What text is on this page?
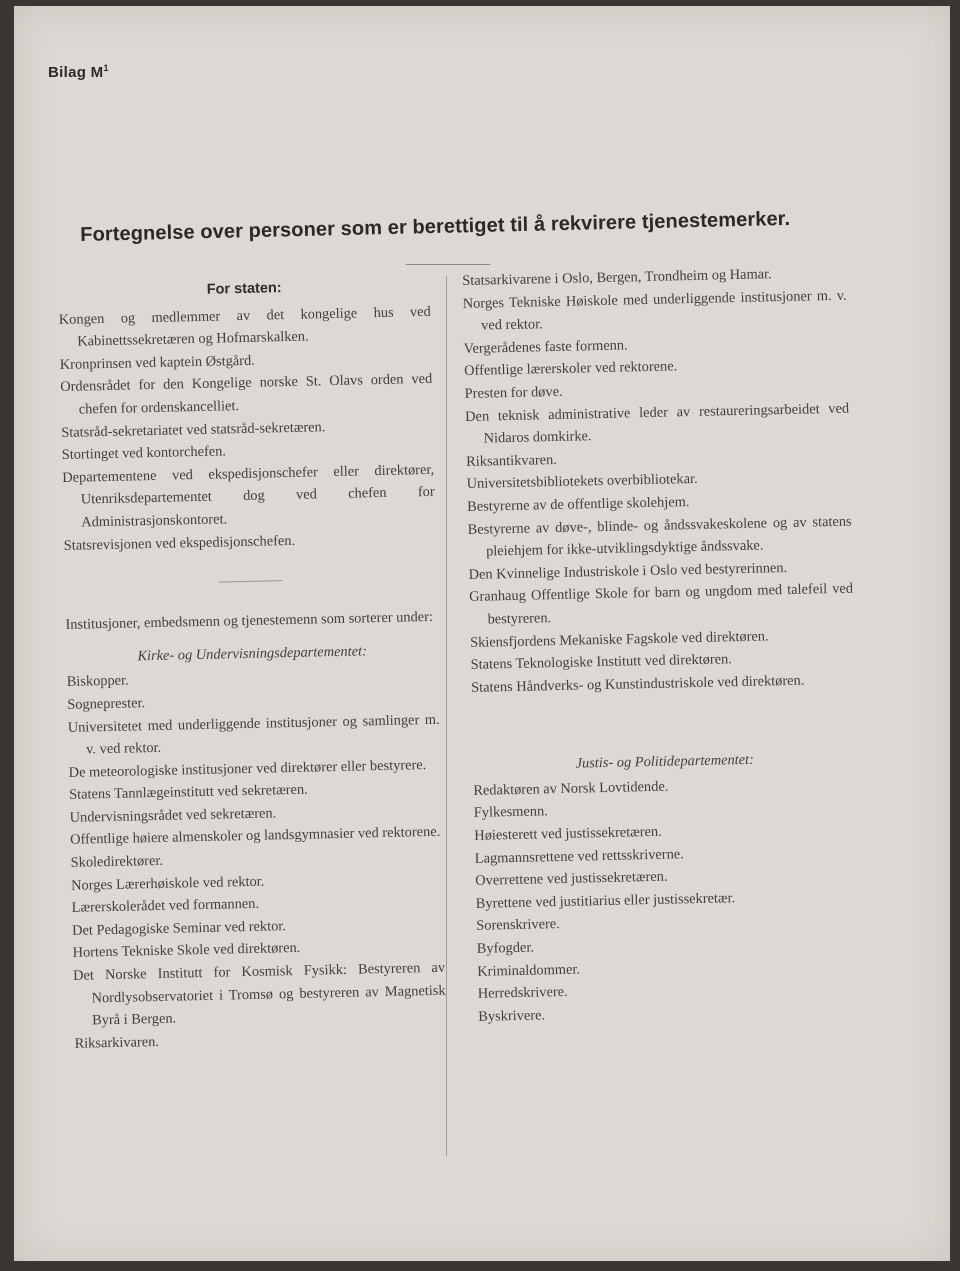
Bilag $M^1$
Fortegnelse over personer som er berettiget til å rekvirere tjenestemerker.
For staten:
Kongen og medlemmer av det kongelige hus ved Kabinettssekretæren og Hofmarskalken.
Kronprinsen ved kaptein Østgård.
Ordensrådet for den Kongelige norske St. Olavs orden ved chefen for ordenskancelliet.
Statsråd-sekretariatet ved statsråd-sekretæren.
Stortinget ved kontorchefen.
Departementene ved ekspedisjonschefer eller direktører, Utenriksdepartementet dog ved chefen for Administrasjonskontoret.
Statsrevisjonen ved ekspedisjonschefen.
Institusjoner, embedsmenn og tjenestemenn som sorterer under:
Kirke- og Undervisningsdepartementet:
Biskopper.
Sogneprester.
Universitetet med underliggende institusjoner og samlinger m. v. ved rektor.
De meteorologiske institusjoner ved direktører eller bestyrere.
Statens Tannlægeinstitutt ved sekretæren.
Undervisningsrådet ved sekretæren.
Offentlige høiere almenskoler og landsgymnasier ved rektorene.
Skoledirektører.
Norges Lærerhøiskole ved rektor.
Lærerskolerådet ved formannen.
Det Pedagogiske Seminar ved rektor.
Hortens Tekniske Skole ved direktøren.
Det Norske Institutt for Kosmisk Fysikk: Bestyreren av Nordlysobservatoriet i Tromsø og bestyreren av Magnetisk Byrå i Bergen.
Riksarkivaren.
Statsarkivarene i Oslo, Bergen, Trondheim og Hamar.
Norges Tekniske Høiskole med underliggende institusjoner m. v. ved rektor.
Vergerådenes faste formenn.
Offentlige lærerskoler ved rektorene.
Presten for døve.
Den teknisk administrative leder av restaureringsarbeidet ved Nidaros domkirke.
Riksantikvaren.
Universitetsbibliotekets overbibliotekar.
Bestyrerne av de offentlige skolehjem.
Bestyrerne av døve-, blinde- og åndssvakeskolene og av statens pleiehjem for ikke-utviklingsdyktige åndssvake.
Den Kvinnelige Industriskole i Oslo ved bestyrerinnen.
Granhaug Offentlige Skole for barn og ungdom med talefeil ved bestyreren.
Skiensfjordens Mekaniske Fagskole ved direktøren.
Statens Teknologiske Institutt ved direktøren.
Statens Håndverks- og Kunstindustriskole ved direktøren.
Justis- og Politidepartementet:
Redaktøren av Norsk Lovtidende.
Fylkesmenn.
Høiesterett ved justissekretæren.
Lagmannsrettene ved rettsskriverne.
Overrettene ved justissekretæren.
Byrettene ved justitiarius eller justissekretær.
Sorenskrivere.
Byfogder.
Kriminaldommer.
Herredskrivere.
Byskrivere.
